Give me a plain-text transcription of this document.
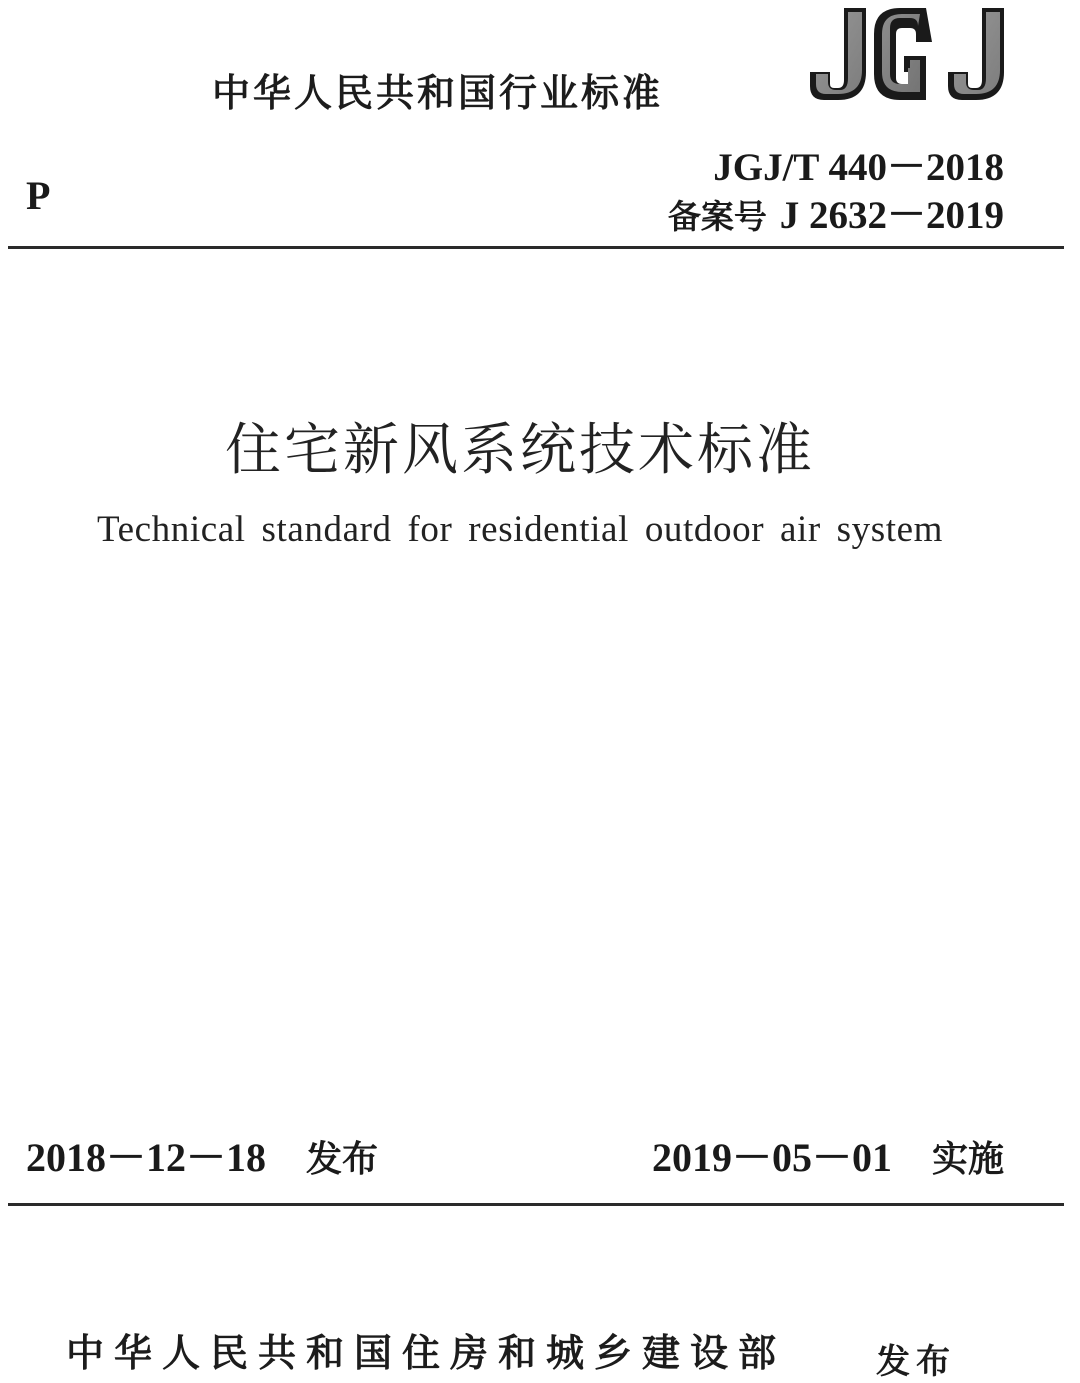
中华人民共和国行业标准
P
JGJ/T 440－2018
备案号 J 2632－2019
住宅新风系统技术标准
Technical standard for residential outdoor air system
2018－12－18 发布	2019－05－01 实施
中华人民共和国住房和城乡建设部	发布
